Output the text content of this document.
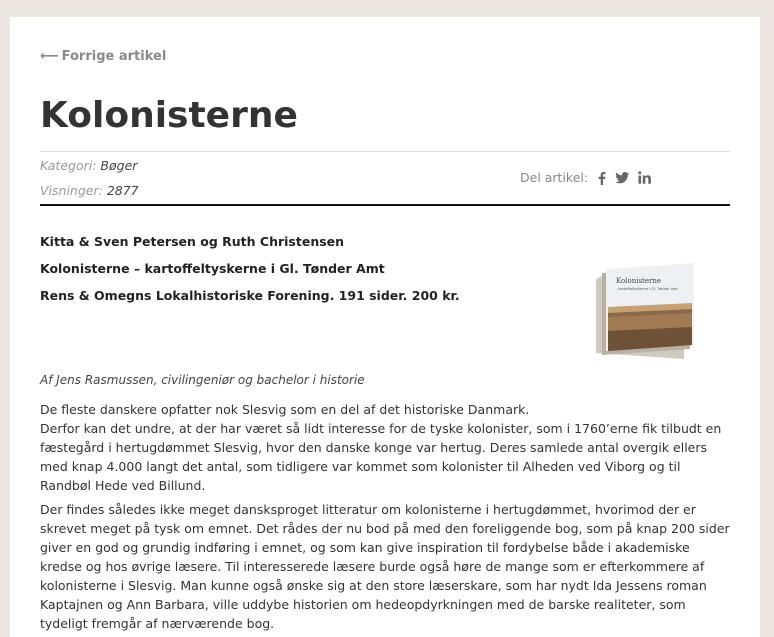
⟵ Forrige artikel
Kolonisterne
Kategori: Bøger
Visninger: 2877
Del artikel:
Kitta & Sven Petersen og Ruth Christensen
Kolonisterne – kartoffeltyskerne i Gl. Tønder Amt
Rens & Omegns Lokalhistoriske Forening. 191 sider. 200 kr.
Kolonisterne
- kartoffeltyskerne i Gl. Tønder Amt
Af Jens Rasmussen, civilingeniør og bachelor i historie

De fleste danskere opfatter nok Slesvig som en del af det historiske Danmark.
Derfor kan det undre, at der har været så lidt interesse for de tyske kolonister, som i 1760’erne fik tilbudt en fæstegård i hertugdømmet Slesvig, hvor den danske konge var hertug. Deres samlede antal overgik ellers med knap 4.000 langt det antal, som tidligere var kommet som kolonister til Alheden ved Viborg og til Randbøl Hede ved Billund.

Der findes således ikke meget dansksproget litteratur om kolonisterne i hertugdømmet, hvorimod der er skrevet meget på tysk om emnet. Det rådes der nu bod på med den foreliggende bog, som på knap 200 sider giver en god og grundig indføring i emnet, og som kan give inspiration til fordybelse både i akademiske kredse og hos øvrige læsere. Til interesserede læsere burde også høre de mange som er efterkommere af kolonisterne i Slesvig. Man kunne også ønske sig at den store læserskare, som har nydt Ida Jessens roman Kaptajnen og Ann Barbara, ville uddybe historien om hedeopdyrkningen med de barske realiteter, som tydeligt fremgår af nærværende bog.
